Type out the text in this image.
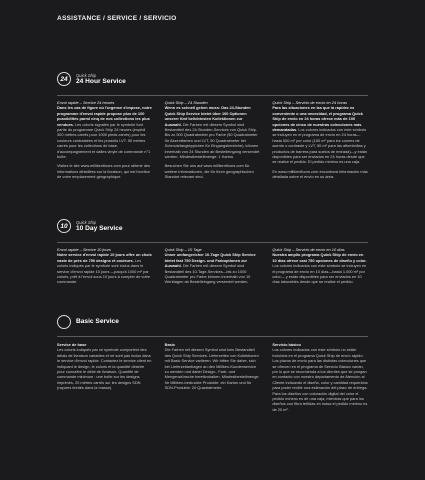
ASSISTANCE / SERVICE / SERVICIO
24	Quick Ship
24 Hour Service

Envoi rapide – Service 24 heures
Dans les cas de figure où l'urgence s'impose, notre programme d'envoi rapide propose plus de 100 possibilités parmi cinq de nos collections les plus vendues. Les coloris signalés par le symbole font partie du programme Quick Ship 24 heures (expédi 300 mètres carrés pour 1000 pieds carrés) pour les couleurs contrastées et les produits LVT. 50 mètres carrés pour les collections de base, d'accompagnement et dalles vinyle de commande n°1 boîte.

Visitez le site www.millikenfloors.com pour obtenir des informations détaillées sur la livraison, qui est fonction de votre emplacement géographique.

Quick Ship – 24 Stunden
Wenn es schnell gehen muss: Das 24-Stunden Quick Ship Service bietet über 100 Optionen unserer fünf beliebtesten Kollektionen zur Auswahl. Die Farben mit diesem Symbol sind Bestandteil des 24-Stunden-Services von Quick Ship. Bis zu 500 Quadratmeter pro Farbe (50 Quadratmeter für Akzentfarben und LVT, 50 Quadratmeter bei Schmutzfangteppichen für Eingangsbereiche), können innerhalb von 24 Stunden ab Bestelleingang versendet werden. Mindestbestellmenge: 1 Karton.

Besuchen Sie uns auf www.millikenfloors.com für weitere Informationen, die für Ihren geographischen Standort relevant sind.

Quick Ship – Servicio de envío en 24 horas
Para las situaciones en las que la rapidez es conveniente o una necesidad, el programa Quick Ship de envío en 24 horas ofrece más de 100 opciones de cinco de nuestras colecciones más demandadas. Los colores indicados con este símbolo se incluyen en el programa de envío en 24 horas—hasta 500 m² por color (150 m² para los colores de acento o contraste y LVT, 50 m² para las alfombrillas y productos de barrera para suelos de entrada)—y están disponibles para ser enviados en 24 horas desde que se realice el pedido. El pedido mínimo es una caja.

En www.millikenfloors.com encontrará información más detallada sobre el envío en su área.

10	Quick Ship
10 Day Service

Envoi rapide – Service 10 jours
Notre service d'envoi rapide 10 jours offre un choix vaste de près de 750 designs et couleurs. Les coloris indiqués par le symbole sont inclus dans le service d'envoi rapide 10 jours —jusqu'à 1000 m² par coloris, prêt à l'envoi sous 10 jours à compter de votre commande.

Quick Ship – 10 Tage
Unser umfangreicher 10-Tage Quick Ship Service bietet fast 750 Design- und Farboptionen zur Auswahl. Die Farben mit diesem Symbol sind Bestandteil des 10-Tage-Services—bis zu 1000 Quadratmeter pro Farbe können innerhalb von 10 Werktagen ab Bestelleingang versendet werden.

Quick Ship – Servicio de envío en 10 días
Nuestra amplio programa Quick Ship de envío en 10 días ofrece casi 750 opciones de diseño y color. Los colores indicados con este símbolo se incluyen en el programa de envío en 10 días—hasta 1.000 m² por color— y están disponibles para ser enviados en 10 días laborables desde que se realice el pedido.

Basic Service

Service de base
Les coloris indiqués par ce symbole comportent des délais de livraison variables et ne sont pas inclus dans le service d'envoi rapide. Contactez le service client en indiquant le design, le coloris et la quantité désirée pour connaître le délai de livraison. Quantité de commande minimum : une boîte sur les designs imprimés, 20 mètres carrés sur les designs SDN (rayures teintés dans la masse).

Basic
Die Farben mit diesem Symbol sind kein Bestandteil des Quick Ship Services. Lieferzeiten von Kollektionen mit Basic Service variieren. Wir bitten Sie daher, sich bei Lieferzeitanfragen an den Milliken-Kundenservice zu wenden und dabei Design-, Farb- und Mengenwünsche bereitzuhalten. Mindestbestellmenge für Milliken-bedruckte Produkte: ein Karton und für SDN-Produkte: 20 Quadratmeter.

Servicio básico
Los colores indicados con este símbolo no están incluidos en el programa Quick Ship de envío rápido. Los plazos de envío para las distintas colecciones que se ofrecen en el programa de Servicio Básico varían, por lo que se recomienda a los clientes que se pongan en contacto con nuestro departamento de Atención al Cliente indicando el diseño, color y cantidad requeridos para poder recibir una estimación del plazo de entrega. Para los diseños con coloración digital del color el pedido mínimo es de una caja, mientras que para los diseños con fibra teñidas en masa el pedido mínimo es de 20 m².
